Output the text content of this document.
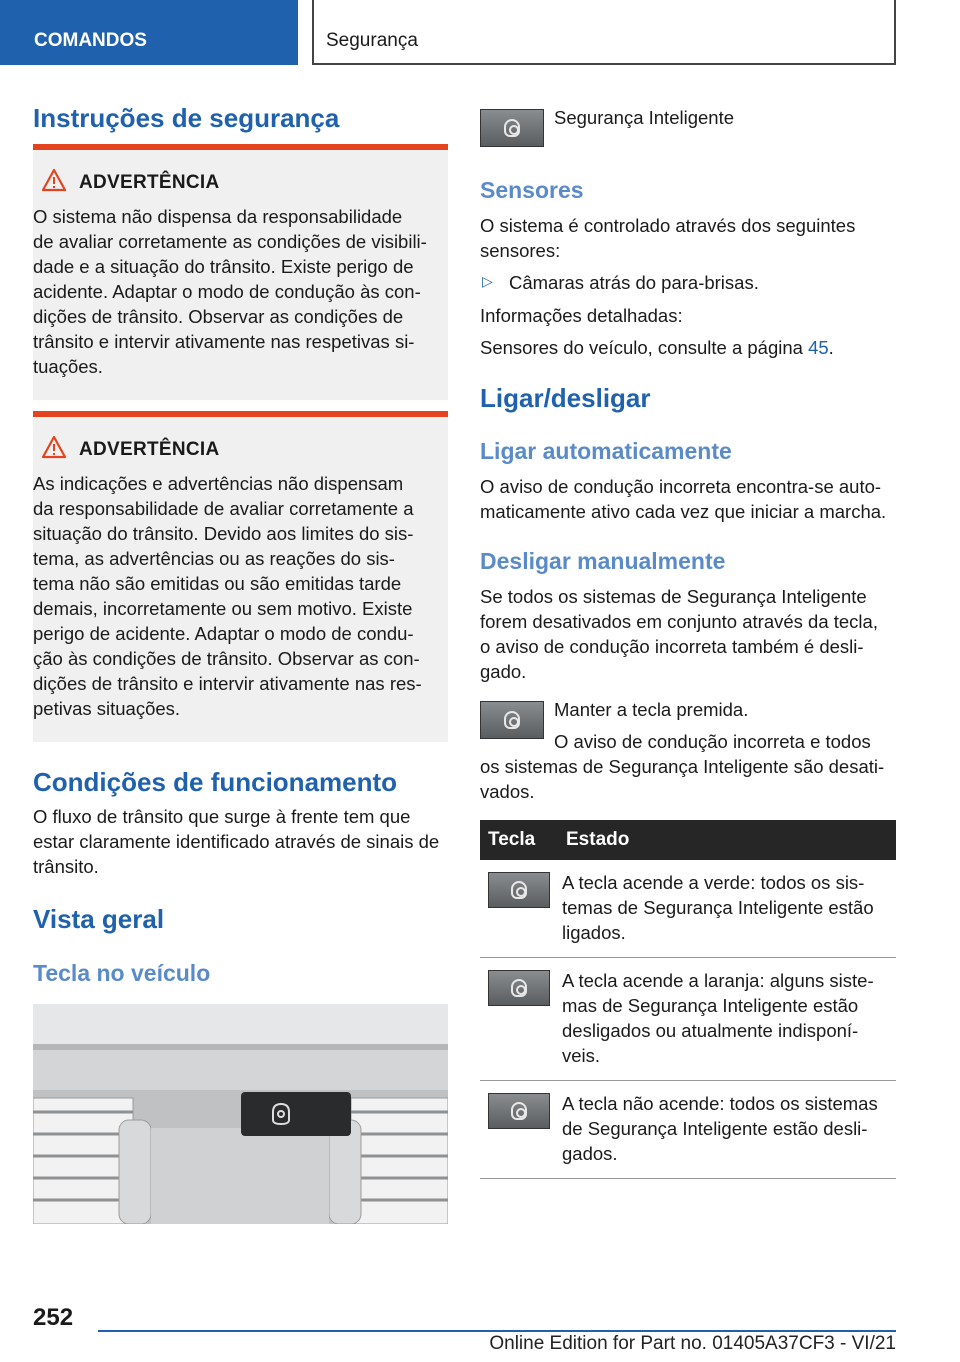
COMANDOS	Segurança
Instruções de segurança
ADVERTÊNCIA
O sistema não dispensa da responsabilidade
de avaliar corretamente as condições de visibili-
dade e a situação do trânsito. Existe perigo de
acidente. Adaptar o modo de condução às con-
dições de trânsito. Observar as condições de
trânsito e intervir ativamente nas respetivas si-
tuações.
ADVERTÊNCIA
As indicações e advertências não dispensam
da responsabilidade de avaliar corretamente a
situação do trânsito. Devido aos limites do sis-
tema, as advertências ou as reações do sis-
tema não são emitidas ou são emitidas tarde
demais, incorretamente ou sem motivo. Existe
perigo de acidente. Adaptar o modo de condu-
ção às condições de trânsito. Observar as con-
dições de trânsito e intervir ativamente nas res-
petivas situações.
Condições de funcionamento
O fluxo de trânsito que surge à frente tem que
estar claramente identificado através de sinais de
trânsito.
Vista geral
Tecla no veículo
Segurança Inteligente
Sensores
O sistema é controlado através dos seguintes
sensores:
▷ Câmaras atrás do para-brisas.
Informações detalhadas:
Sensores do veículo, consulte a página 45.
Ligar/desligar
Ligar automaticamente
O aviso de condução incorreta encontra-se auto-
maticamente ativo cada vez que iniciar a marcha.
Desligar manualmente
Se todos os sistemas de Segurança Inteligente
forem desativados em conjunto através da tecla,
o aviso de condução incorreta também é desli-
gado.
Manter a tecla premida.
O aviso de condução incorreta e todos
os sistemas de Segurança Inteligente são desati-
vados.
Tecla	Estado

	A tecla acende a verde: todos os sis-
temas de Segurança Inteligente estão
ligados.

	A tecla acende a laranja: alguns siste-
mas de Segurança Inteligente estão
desligados ou atualmente indisponí-
veis.

	A tecla não acende: todos os sistemas
de Segurança Inteligente estão desli-
gados.
252
Online Edition for Part no. 01405A37CF3 - VI/21
